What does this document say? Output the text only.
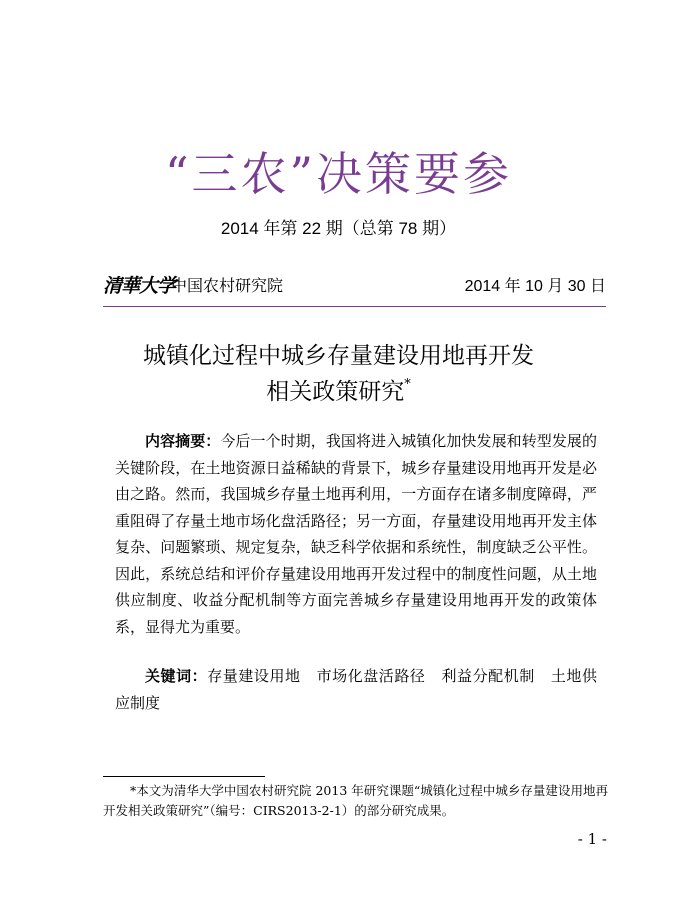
“三农”决策要参
2014 年第 22 期（总第 78 期）
清華大学
中国农村研究院	2014 年 10 月 30 日
城镇化过程中城乡存量建设用地再开发
相关政策研究*
内容摘要：今后一个时期，我国将进入城镇化加快发展和转型发展的关键阶段，在土地资源日益稀缺的背景下，城乡存量建设用地再开发是必由之路。然而，我国城乡存量土地再利用，一方面存在诸多制度障碍，严重阻碍了存量土地市场化盘活路径；另一方面，存量建设用地再开发主体复杂、问题繁琐、规定复杂，缺乏科学依据和系统性，制度缺乏公平性。因此，系统总结和评价存量建设用地再开发过程中的制度性问题，从土地供应制度、收益分配机制等方面完善城乡存量建设用地再开发的政策体系，显得尤为重要。
关键词：存量建设用地 市场化盘活路径 利益分配机制 土地供应制度
*本文为清华大学中国农村研究院 2013 年研究课题“城镇化过程中城乡存量建设用地再开发相关政策研究”（编号：CIRS2013-2-1）的部分研究成果。
- 1 -
